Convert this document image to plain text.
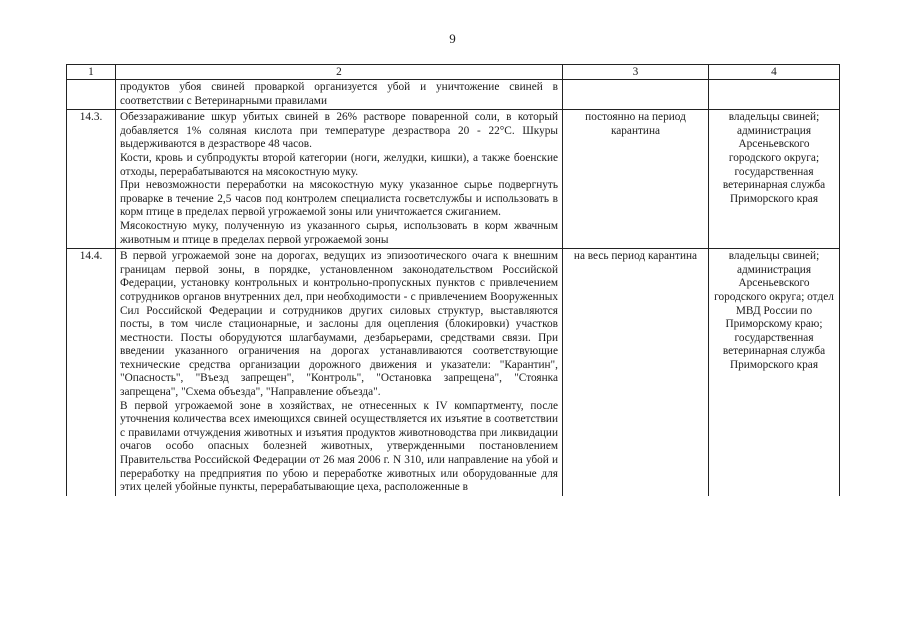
9
1	2	3	4

	продуктов убоя свиней проваркой организуется убой и уничтожение свиней в соответствии с Ветеринарными правилами		

14.3.	Обеззараживание шкур убитых свиней в 26% растворе поваренной соли, в который добавляется 1% соляная кислота при температуре дезраствора 20 - 22°С. Шкуры выдерживаются в дезрастворе 48 часов.

Кости, кровь и субпродукты второй категории (ноги, желудки, кишки), а также боенские отходы, перерабатываются на мясокостную муку.

При невозможности переработки на мясокостную муку указанное сырье подвергнуть проварке в течение 2,5 часов под контролем специалиста госветслужбы и использовать в корм птице в пределах первой угрожаемой зоны или уничтожается сжиганием.

Мясокостную муку, полученную из указанного сырья, использовать в корм жвачным животным и птице в пределах первой угрожаемой зоны	постоянно на период карантина	владельцы свиней; администрация Арсеньевского городского округа; государственная ветеринарная служба Приморского края
14.4.	В первой угрожаемой зоне на дорогах, ведущих из эпизоотического очага к внешним границам первой зоны, в порядке, установленном законодательством Российской Федерации, установку контрольных и контрольно-пропускных пунктов с привлечением сотрудников органов внутренних дел, при необходимости - с привлечением Вооруженных Сил Российской Федерации и сотрудников других силовых структур, выставляются посты, в том числе стационарные, и заслоны для оцепления (блокировки) участков местности. Посты оборудуются шлагбаумами, дезбарьерами, средствами связи. При введении указанного ограничения на дорогах устанавливаются соответствующие технические средства организации дорожного движения и указатели: "Карантин", "Опасность", "Въезд запрещен", "Контроль", "Остановка запрещена", "Стоянка запрещена", "Схема объезда", "Направление объезда".

В первой угрожаемой зоне в хозяйствах, не отнесенных к IV компартменту, после уточнения количества всех имеющихся свиней осуществляется их изъятие в соответствии с правилами отчуждения животных и изъятия продуктов животноводства при ликвидации очагов особо опасных болезней животных, утвержденными постановлением Правительства Российской Федерации от 26 мая 2006 г. N 310, или направление на убой и переработку на предприятия по убою и переработке животных или оборудованные для этих целей убойные пункты, перерабатывающие цеха, расположенные в	на весь период карантина	владельцы свиней; администрация Арсеньевского городского округа; отдел МВД России по Приморскому краю; государственная ветеринарная служба Приморского края
